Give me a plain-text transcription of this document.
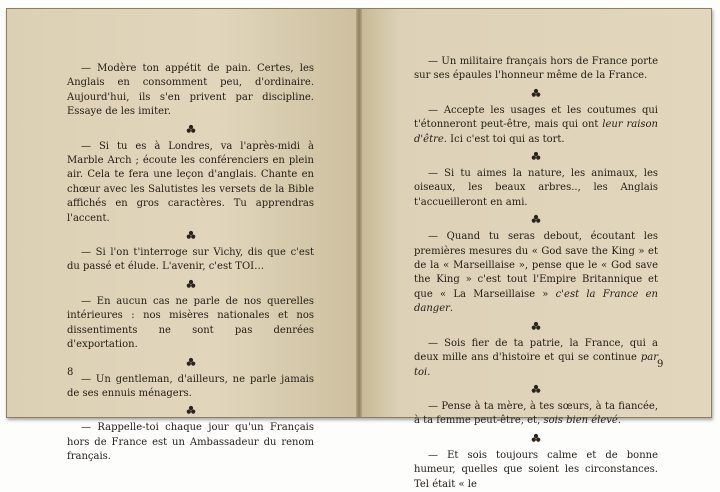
— Modère ton appétit de pain. Certes, les Anglais en consomment peu, d'ordinaire. Aujourd'hui, ils s'en privent par discipline. Essaye de les imiter.

— Si tu es à Londres, va l'après-midi à Marble Arch ; écoute les conférenciers en plein air. Cela te fera une leçon d'anglais. Chante en chœur avec les Salutistes les versets de la Bible affichés en gros caractères. Tu apprendras l'accent.

— Si l'on t'interroge sur Vichy, dis que c'est du passé et élude. L'avenir, c'est TOI…

— En aucun cas ne parle de nos querelles intérieures : nos misères nationales et nos dissentiments ne sont pas denrées d'exportation.

— Un gentleman, d'ailleurs, ne parle jamais de ses ennuis ménagers.

— Rappelle-toi chaque jour qu'un Français hors de France est un Ambassadeur du renom français.

8

— Un militaire français hors de France porte sur ses épaules l'honneur même de la France.

— Accepte les usages et les coutumes qui t'étonneront peut-être, mais qui ont leur raison d'être. Ici c'est toi qui as tort.

— Si tu aimes la nature, les animaux, les oiseaux, les beaux arbres.., les Anglais t'accueilleront en ami.

— Quand tu seras debout, écoutant les premières mesures du « God save the King » et de la « Marseillaise », pense que le « God save the King » c'est tout l'Empire Britannique et que « La Marseillaise » c'est la France en danger.

— Sois fier de ta patrie, la France, qui a deux mille ans d'histoire et qui se continue par toi.

— Pense à ta mère, à tes sœurs, à ta fiancée, à ta femme peut-être, et, sois bien élevé.

— Et sois toujours calme et de bonne humeur, quelles que soient les circonstances. Tel était « le

9
